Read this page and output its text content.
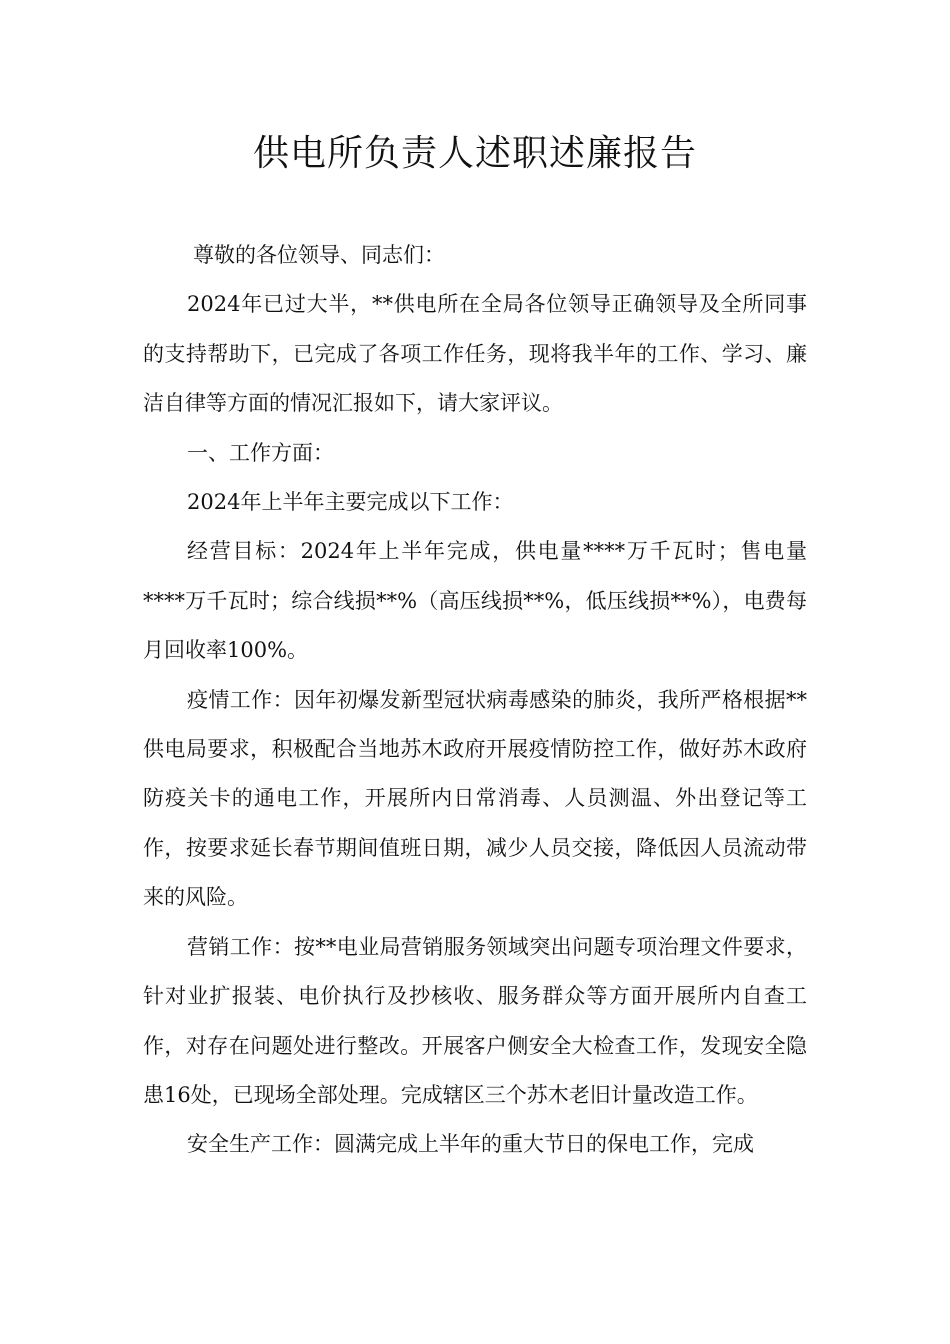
供电所负责人述职述廉报告

尊敬的各位领导、同志们：

2024年已过大半，**供电所在全局各位领导正确领导及全所同事的支持帮助下，已完成了各项工作任务，现将我半年的工作、学习、廉洁自律等方面的情况汇报如下，请大家评议。

一、工作方面：

2024年上半年主要完成以下工作：

经营目标：2024年上半年完成，供电量****万千瓦时；售电量****万千瓦时；综合线损**%（高压线损**%，低压线损**%），电费每月回收率100%。

疫情工作：因年初爆发新型冠状病毒感染的肺炎，我所严格根据**供电局要求，积极配合当地苏木政府开展疫情防控工作，做好苏木政府防疫关卡的通电工作，开展所内日常消毒、人员测温、外出登记等工作，按要求延长春节期间值班日期，减少人员交接，降低因人员流动带来的风险。

营销工作：按**电业局营销服务领域突出问题专项治理文件要求，针对业扩报装、电价执行及抄核收、服务群众等方面开展所内自查工作，对存在问题处进行整改。开展客户侧安全大检查工作，发现安全隐患16处，已现场全部处理。完成辖区三个苏木老旧计量改造工作。

安全生产工作：圆满完成上半年的重大节日的保电工作，完成
